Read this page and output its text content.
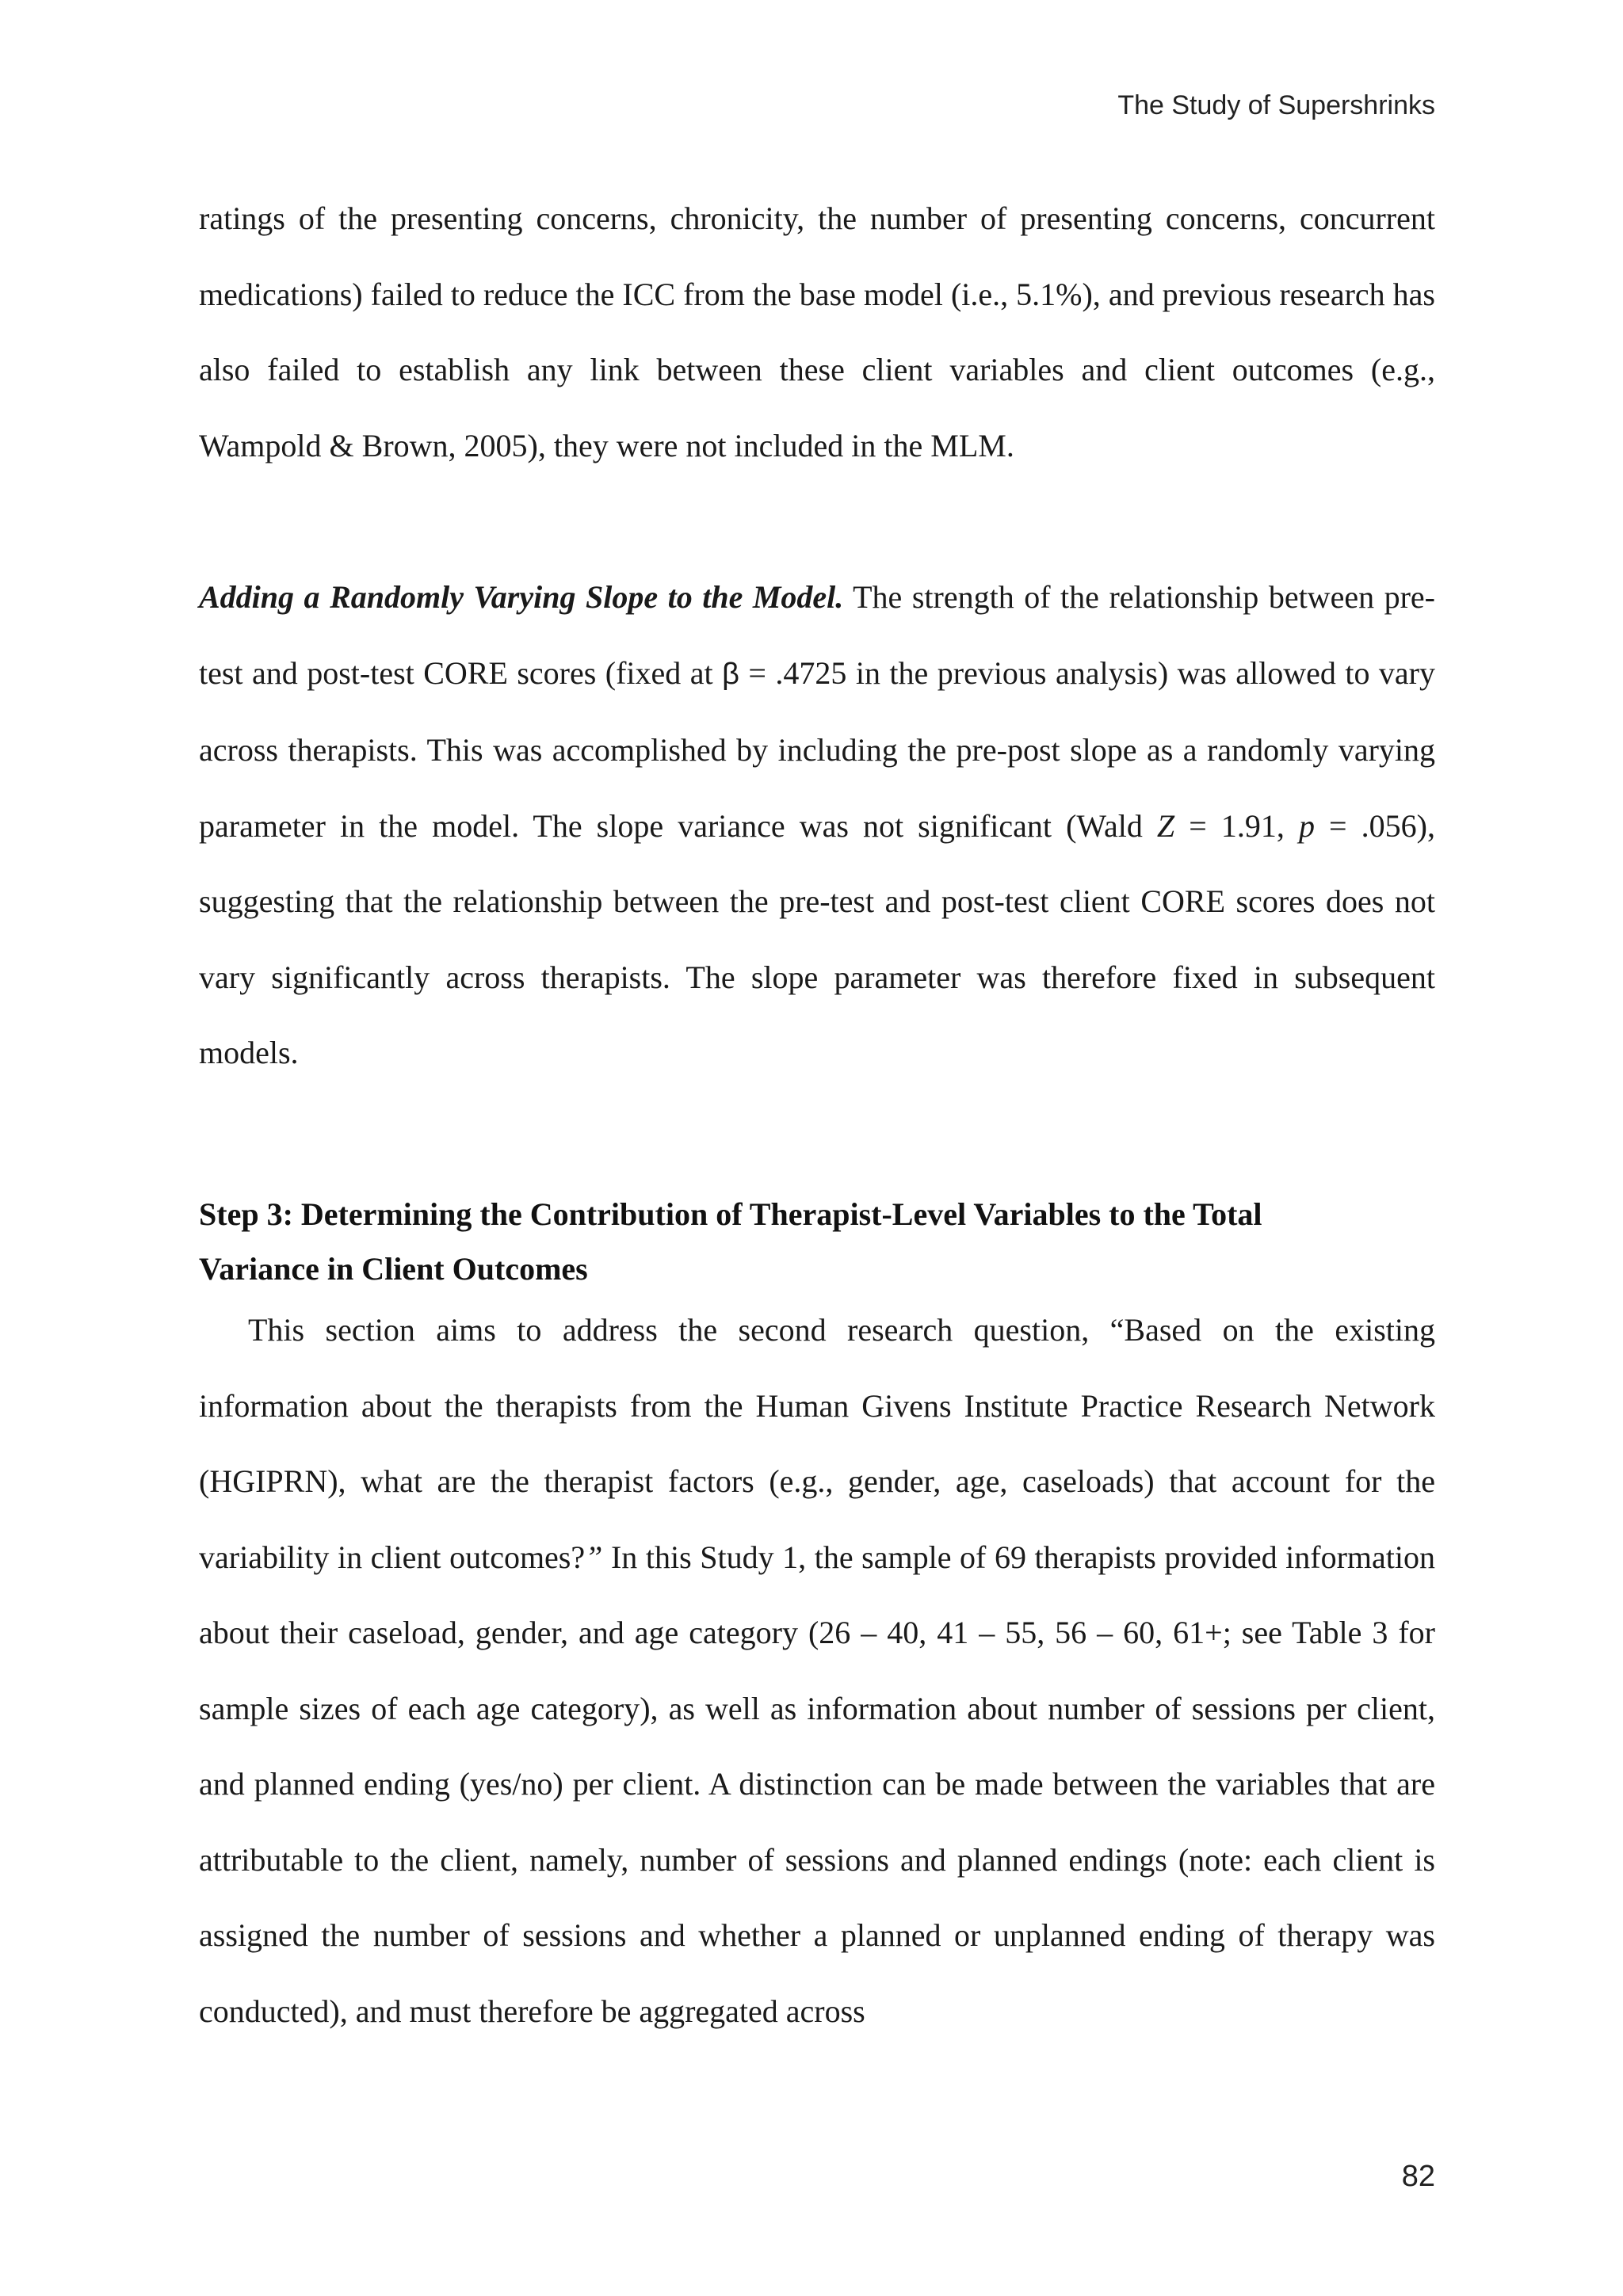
The Study of Supershrinks

ratings of the presenting concerns, chronicity, the number of presenting concerns, concurrent medications) failed to reduce the ICC from the base model (i.e., 5.1%), and previous research has also failed to establish any link between these client variables and client outcomes (e.g., Wampold & Brown, 2005), they were not included in the MLM.

Adding a Randomly Varying Slope to the Model. The strength of the relationship between pre-test and post-test CORE scores (fixed at β = .4725 in the previous analysis) was allowed to vary across therapists. This was accomplished by including the pre-post slope as a randomly varying parameter in the model. The slope variance was not significant (Wald Z = 1.91, p = .056), suggesting that the relationship between the pre-test and post-test client CORE scores does not vary significantly across therapists. The slope parameter was therefore fixed in subsequent models.

Step 3: Determining the Contribution of Therapist-Level Variables to the Total
Variance in Client Outcomes

This section aims to address the second research question, “Based on the existing information about the therapists from the Human Givens Institute Practice Research Network (HGIPRN), what are the therapist factors (e.g., gender, age, caseloads) that account for the variability in client outcomes?” In this Study 1, the sample of 69 therapists provided information about their caseload, gender, and age category (26 – 40, 41 – 55, 56 – 60, 61+; see Table 3 for sample sizes of each age category), as well as information about number of sessions per client, and planned ending (yes/no) per client. A distinction can be made between the variables that are attributable to the client, namely, number of sessions and planned endings (note: each client is assigned the number of sessions and whether a planned or unplanned ending of therapy was conducted), and must therefore be aggregated across

82
